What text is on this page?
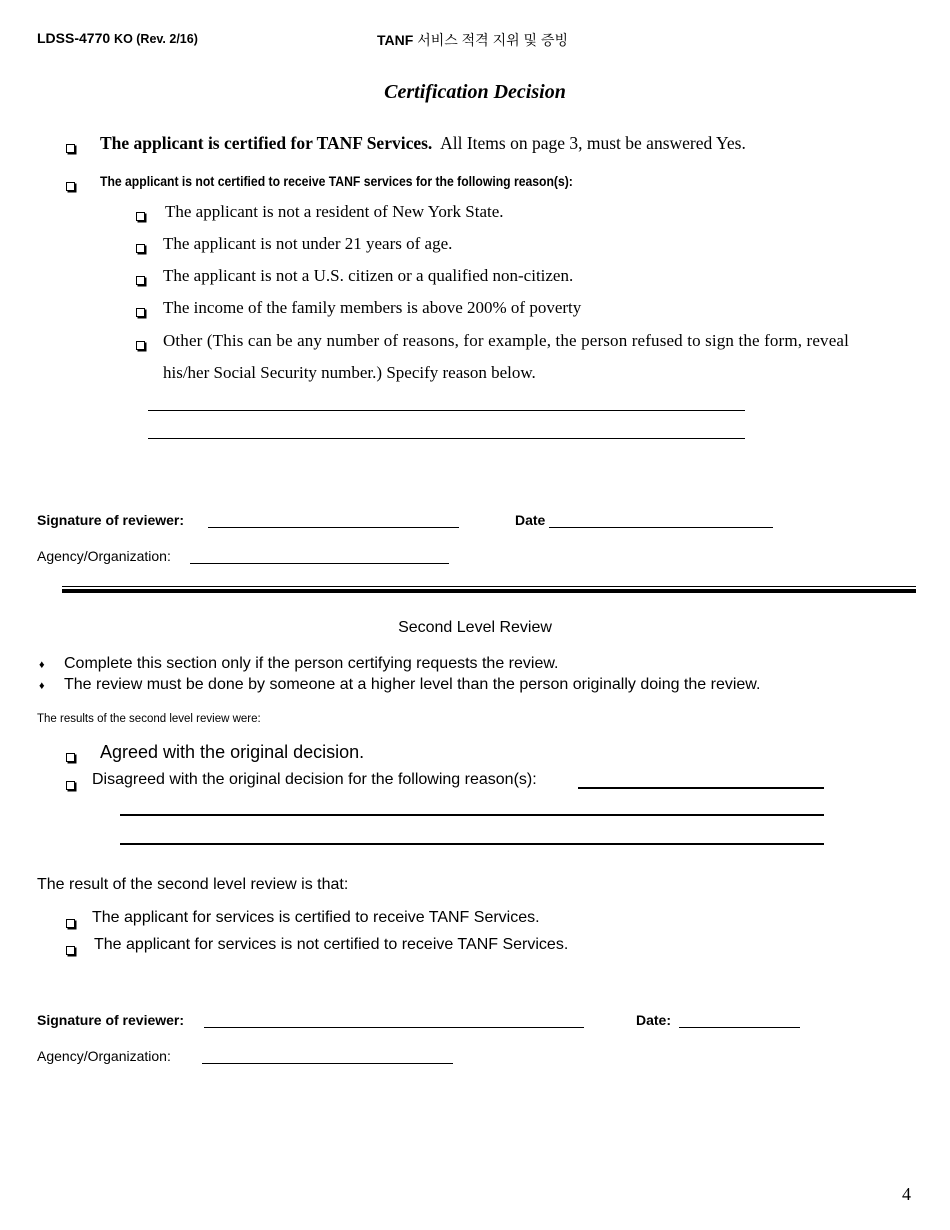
LDSS-4770 KO (Rev. 2/16)	TANF 서비스 적격 지위 및 증빙
Certification Decision
The applicant is certified for TANF Services. All Items on page 3, must be answered Yes.
The applicant is not certified to receive TANF services for the following reason(s):
The applicant is not a resident of New York State.
The applicant is not under 21 years of age.
The applicant is not a U.S. citizen or a qualified non-citizen.
The income of the family members is above 200% of poverty
Other (This can be any number of reasons, for example, the person refused to sign the form, reveal
his/her Social Security number.) Specify reason below.
Signature of reviewer:	Date
Agency/Organization:
Second Level Review
♦ Complete this section only if the person certifying requests the review.
♦ The review must be done by someone at a higher level than the person originally doing the review.
The results of the second level review were:
Agreed with the original decision.
Disagreed with the original decision for the following reason(s):
The result of the second level review is that:
The applicant for services is certified to receive TANF Services.
The applicant for services is not certified to receive TANF Services.
Signature of reviewer:	Date:
Agency/Organization:
4
